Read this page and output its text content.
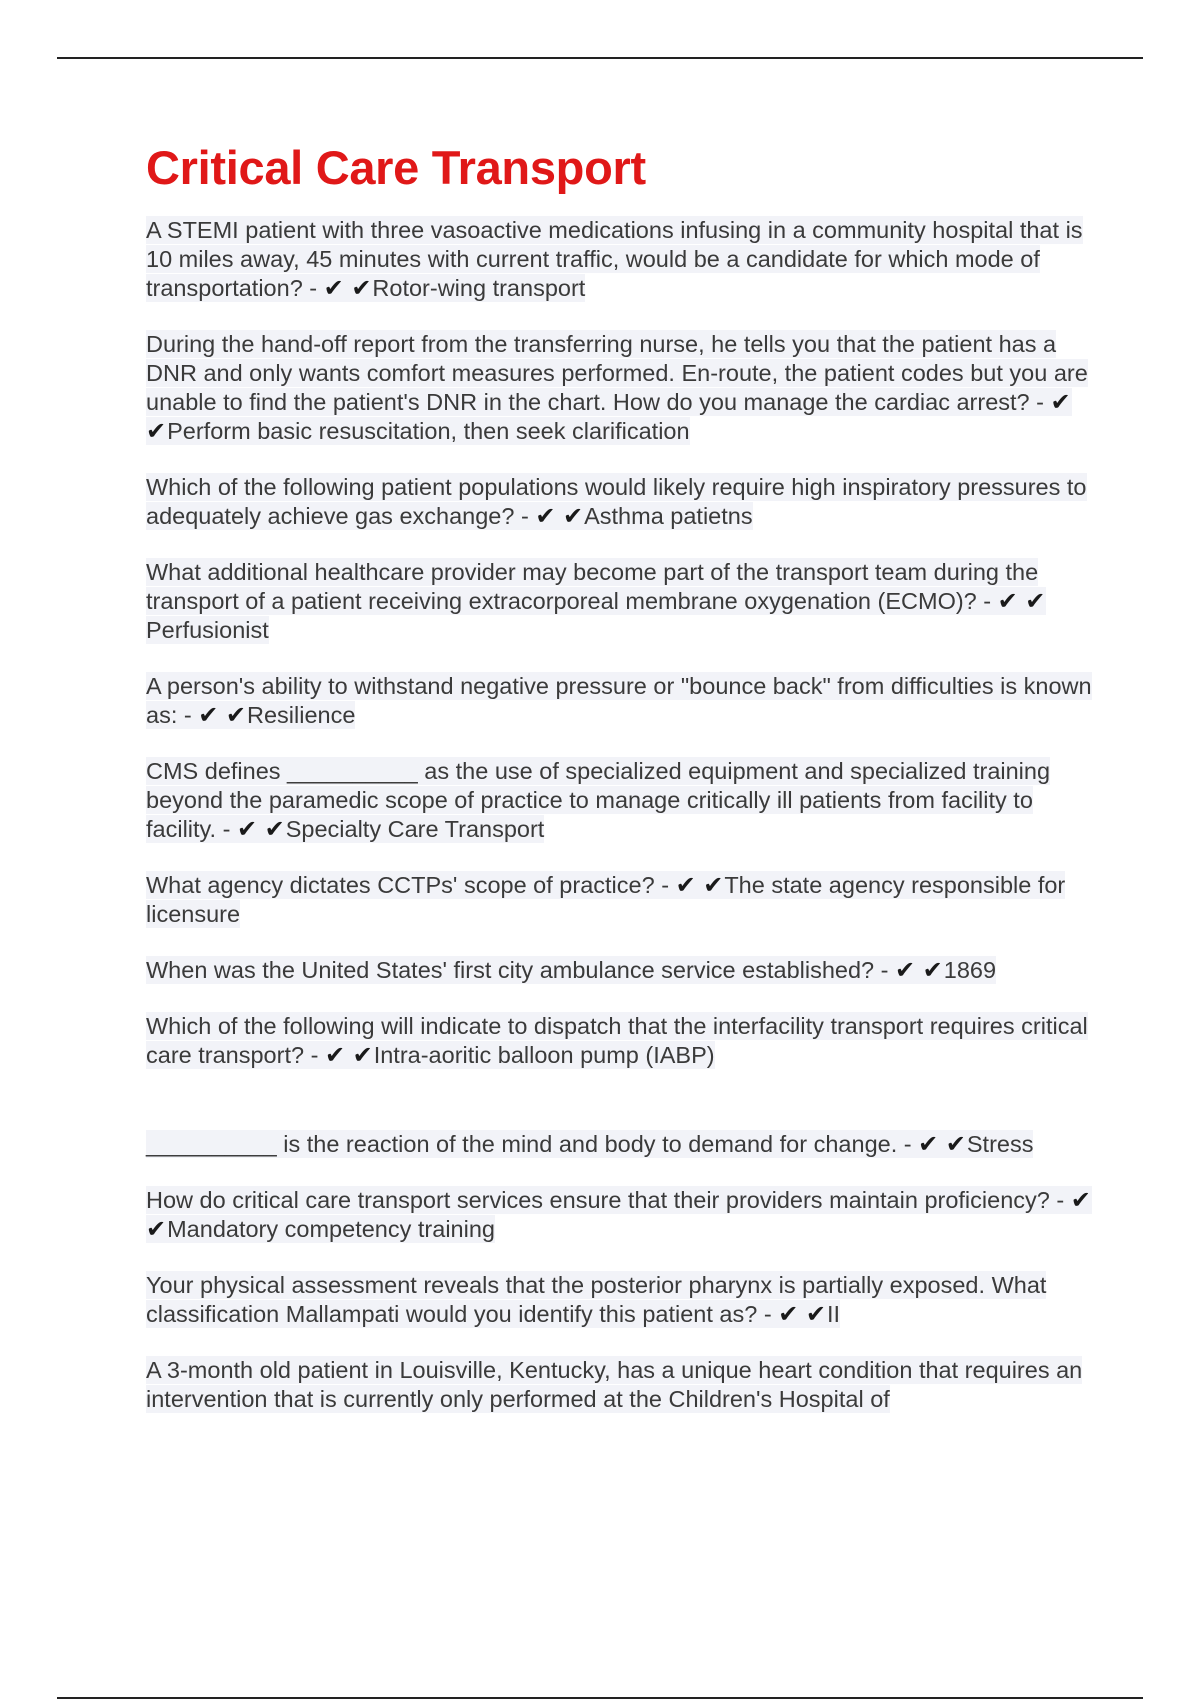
Critical Care Transport

A STEMI patient with three vasoactive medications infusing in a community hospital that is 10 miles away, 45 minutes with current traffic, would be a candidate for which mode of transportation? - ✔ ✔Rotor-wing transport

During the hand-off report from the transferring nurse, he tells you that the patient has a DNR and only wants comfort measures performed. En-route, the patient codes but you are unable to find the patient's DNR in the chart. How do you manage the cardiac arrest? - ✔ ✔Perform basic resuscitation, then seek clarification

Which of the following patient populations would likely require high inspiratory pressures to adequately achieve gas exchange? - ✔ ✔Asthma patietns

What additional healthcare provider may become part of the transport team during the transport of a patient receiving extracorporeal membrane oxygenation (ECMO)? - ✔ ✔Perfusionist

A person's ability to withstand negative pressure or "bounce back" from difficulties is known as: - ✔ ✔Resilience

CMS defines __________ as the use of specialized equipment and specialized training beyond the paramedic scope of practice to manage critically ill patients from facility to facility. - ✔ ✔Specialty Care Transport

What agency dictates CCTPs' scope of practice? - ✔ ✔The state agency responsible for licensure

When was the United States' first city ambulance service established? - ✔ ✔1869

Which of the following will indicate to dispatch that the interfacility transport requires critical care transport? - ✔ ✔Intra-aoritic balloon pump (IABP)

__________ is the reaction of the mind and body to demand for change. - ✔ ✔Stress

How do critical care transport services ensure that their providers maintain proficiency? - ✔ ✔Mandatory competency training

Your physical assessment reveals that the posterior pharynx is partially exposed. What classification Mallampati would you identify this patient as? - ✔ ✔II

A 3-month old patient in Louisville, Kentucky, has a unique heart condition that requires an intervention that is currently only performed at the Children's Hospital of
